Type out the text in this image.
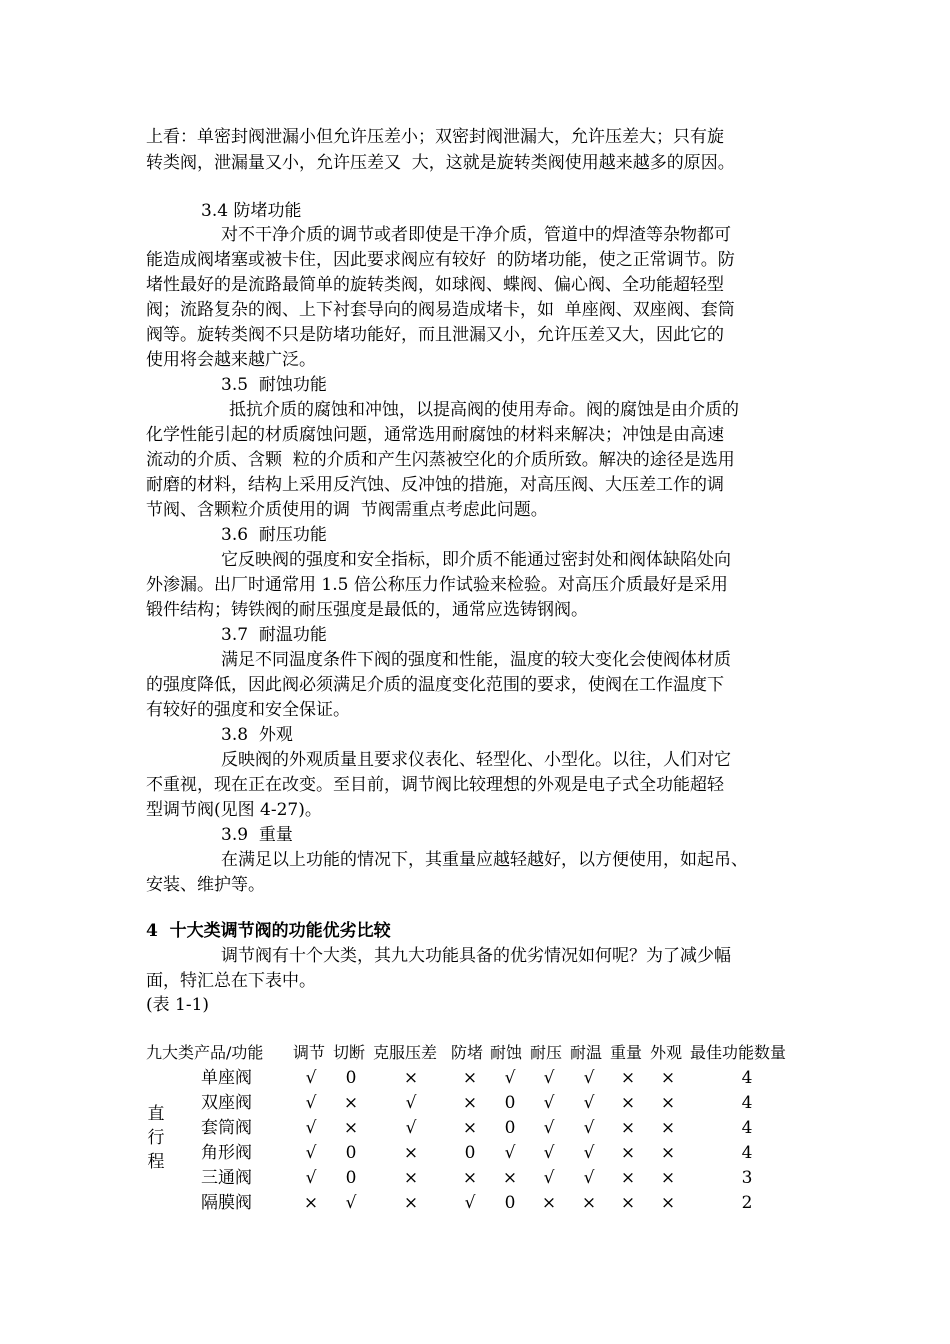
上看：单密封阀泄漏小但允许压差小；双密封阀泄漏大，允许压差大；只有旋
转类阀，泄漏量又小，允许压差又  大，这就是旋转类阀使用越来越多的原因。
3.4 防堵功能
对不干净介质的调节或者即使是干净介质，管道中的焊渣等杂物都可
能造成阀堵塞或被卡住，因此要求阀应有较好  的防堵功能，使之正常调节。防
堵性最好的是流路最简单的旋转类阀，如球阀、蝶阀、偏心阀、全功能超轻型
阀；流路复杂的阀、上下衬套导向的阀易造成堵卡，如  单座阀、双座阀、套筒
阀等。旋转类阀不只是防堵功能好，而且泄漏又小，允许压差又大，因此它的
使用将会越来越广泛。
3.5  耐蚀功能
抵抗介质的腐蚀和冲蚀，以提高阀的使用寿命。阀的腐蚀是由介质的
化学性能引起的材质腐蚀问题，通常选用耐腐蚀的材料来解决；冲蚀是由高速
流动的介质、含颗  粒的介质和产生闪蒸被空化的介质所致。解决的途径是选用
耐磨的材料，结构上采用反汽蚀、反冲蚀的措施，对高压阀、大压差工作的调
节阀、含颗粒介质使用的调  节阀需重点考虑此问题。
3.6  耐压功能
它反映阀的强度和安全指标，即介质不能通过密封处和阀体缺陷处向
外渗漏。出厂时通常用 1.5 倍公称压力作试验来检验。对高压介质最好是采用
锻件结构；铸铁阀的耐压强度是最低的，通常应选铸钢阀。
3.7  耐温功能
满足不同温度条件下阀的强度和性能，温度的较大变化会使阀体材质
的强度降低，因此阀必须满足介质的温度变化范围的要求，使阀在工作温度下
有较好的强度和安全保证。
3.8  外观
反映阀的外观质量且要求仪表化、轻型化、小型化。以往，人们对它
不重视，现在正在改变。至目前，调节阀比较理想的外观是电子式全功能超轻
型调节阀(见图 4-27)。
3.9  重量
在满足以上功能的情况下，其重量应越轻越好，以方便使用，如起吊、
安装、维护等。
4  十大类调节阀的功能优劣比较
调节阀有十个大类，其九大功能具备的优劣情况如何呢？为了减少幅
面，特汇总在下表中。
(表 1-1)
九大类产品/功能 调节 切断 克服压差 防堵 耐蚀 耐压 耐温 重量 外观 最佳功能数量
直行程
单座阀	√	0	×	×	√	√	√	×	×	4
双座阀	√	×	√	×	0	√	√	×	×	4
套筒阀	√	×	√	×	0	√	√	×	×	4
角形阀	√	0	×	0	√	√	√	×	×	4
三通阀	√	0	×	×	×	√	√	×	×	3
隔膜阀	×	√	×	√	0	×	×	×	×	2
